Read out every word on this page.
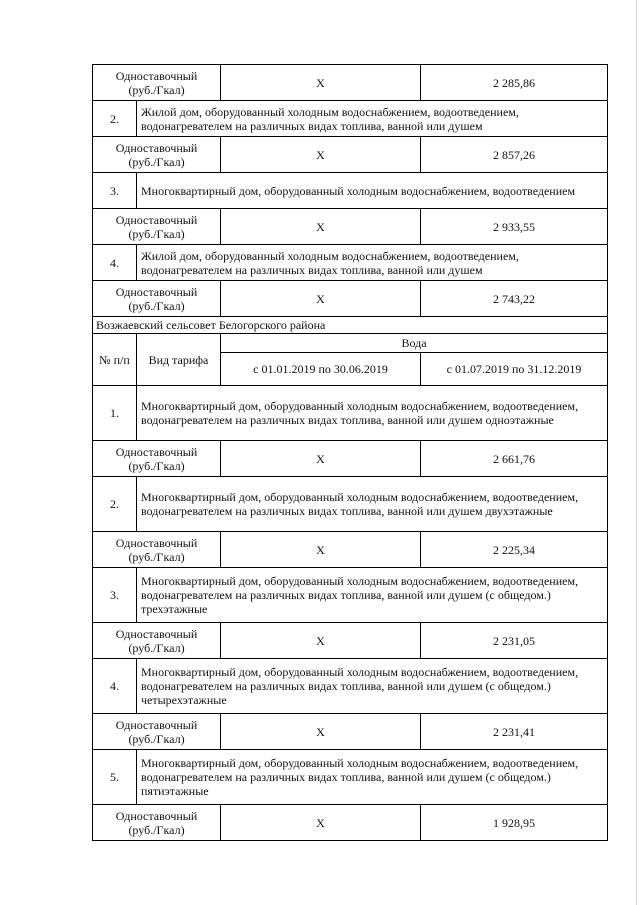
Одноставочный
(руб./Гкал)		Х	2 285,86
2.	Жилой дом, оборудованный холодным водоснабжением, водоотведением, водонагревателем на различных видах топлива, ванной или душем		

Одноставочный
(руб./Гкал)		Х	2 857,26
3.	Многоквартирный дом, оборудованный холодным водоснабжением, водоотведением		

Одноставочный
(руб./Гкал)		Х	2 933,55
4.	Жилой дом, оборудованный холодным водоснабжением, водоотведением, водонагревателем на различных видах топлива, ванной или душем		

Одноставочный
(руб./Гкал)		Х	2 743,22
Возжаевский сельсовет Белогорского района			
№ п/п	Вид тарифа	Вода	
		с 01.01.2019 по 30.06.2019	с 01.07.2019 по 31.12.2019
1.	Многоквартирный дом, оборудованный холодным водоснабжением, водоотведением, водонагревателем на различных видах топлива, ванной или душем одноэтажные		

Одноставочный
(руб./Гкал)		Х	2 661,76
2.	Многоквартирный дом, оборудованный холодным водоснабжением, водоотведением, водонагревателем на различных видах топлива, ванной или душем двухэтажные		

Одноставочный
(руб./Гкал)		Х	2 225,34
3.	Многоквартирный дом, оборудованный холодным водоснабжением, водоотведением, водонагревателем на различных видах топлива, ванной или душем (с общедом.) трехэтажные		

Одноставочный
(руб./Гкал)		Х	2 231,05
4.	Многоквартирный дом, оборудованный холодным водоснабжением, водоотведением, водонагревателем на различных видах топлива, ванной или душем (с общедом.) четырехэтажные		

Одноставочный
(руб./Гкал)		Х	2 231,41
5.	Многоквартирный дом, оборудованный холодным водоснабжением, водоотведением, водонагревателем на различных видах топлива, ванной или душем (с общедом.) пятиэтажные		

Одноставочный
(руб./Гкал)		Х	1 928,95
